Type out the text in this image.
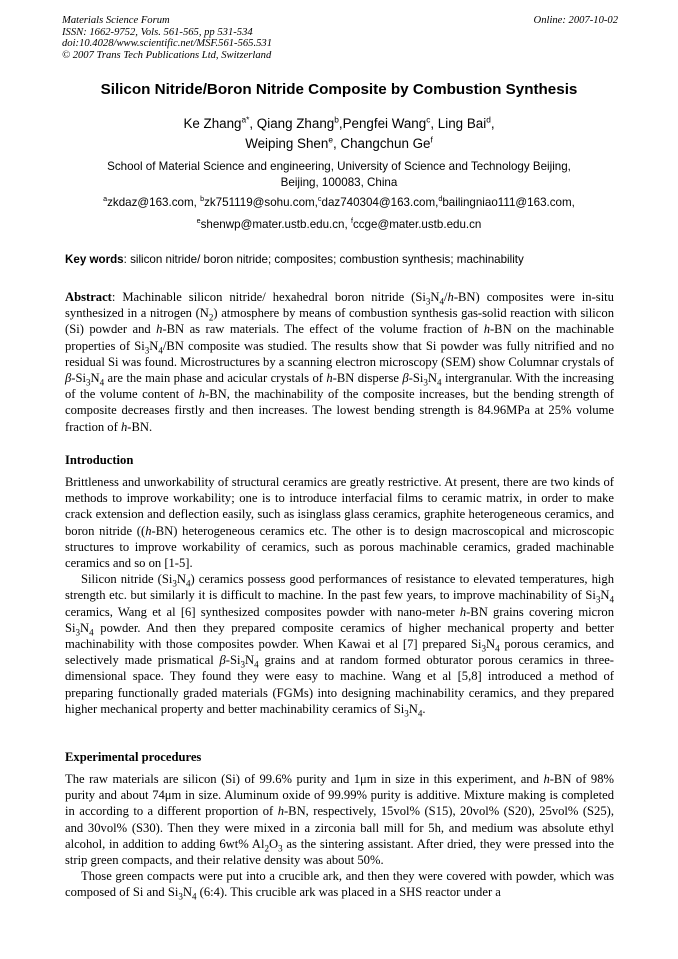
Materials Science Forum
ISSN: 1662-9752, Vols. 561-565, pp 531-534
doi:10.4028/www.scientific.net/MSF.561-565.531
© 2007 Trans Tech Publications Ltd, Switzerland
Online: 2007-10-02
Silicon Nitride/Boron Nitride Composite by Combustion Synthesis
Ke Zhang$^{a*}$, Qiang Zhang$^b$,Pengfei Wang$^c$, Ling Bai$^d$,
Weiping Shen$^e$, Changchun Ge$^f$
School of Material Science and engineering, University of Science and Technology Beijing,
Beijing, 100083, China
$^a$zkdaz@163.com, $^b$zk751119@sohu.com,$^c$daz740304@163.com,$^d$bailingniao111@163.com,
$^e$shenwp@mater.ustb.edu.cn, $^f$ccge@mater.ustb.edu.cn
Key words: silicon nitride/ boron nitride; composites; combustion synthesis; machinability

Abstract: Machinable silicon nitride/ hexahedral boron nitride $(Si_3N_4/h-BN)$ composites were in-situ synthesized in a nitrogen $(N_2)$ atmosphere by means of combustion synthesis gas-solid reaction with silicon (Si) powder and h-BN as raw materials. The effect of the volume fraction of h-BN on the machinable properties of $Si_3N_4/BN$ composite was studied. The results show that Si powder was fully nitrified and no residual Si was found. Microstructures by a scanning electron microscopy (SEM) show Columnar crystals of $\beta-Si_3N_4$ are the main phase and acicular crystals of h-BN disperse $\beta-Si_3N_4$ intergranular. With the increasing of the volume content of h-BN, the machinability of the composite increases, but the bending strength of composite decreases firstly and then increases. The lowest bending strength is 84.96MPa at 25% volume fraction of h-BN.

Introduction

Brittleness and unworkability of structural ceramics are greatly restrictive. At present, there are two kinds of methods to improve workability; one is to introduce interfacial films to ceramic matrix, in order to make crack extension and deflection easily, such as isinglass glass ceramics, graphite heterogeneous ceramics, and boron nitride ((h-BN) heterogeneous ceramics etc. The other is to design macroscopical and microscopic structures to improve workability of ceramics, such as porous machinable ceramics, graded machinable ceramics and so on [1-5].

Silicon nitride $(Si_3N_4)$ ceramics possess good performances of resistance to elevated temperatures, high strength etc. but similarly it is difficult to machine. In the past few years, to improve machinability of $Si_3N_4$ ceramics, Wang et al [6] synthesized composites powder with nano-meter h-BN grains covering micron $Si_3N_4$ powder. And then they prepared composite ceramics of higher mechanical property and better machinability with those composites powder. When Kawai et al [7] prepared $Si_3N_4$ porous ceramics, and selectively made prismatical $\beta-Si_3N_4$ grains and at random formed obturator porous ceramics in three-dimensional space. They found they were easy to machine. Wang et al [5,8] introduced a method of preparing functionally graded materials (FGMs) into designing machinability ceramics, and they prepared higher mechanical property and better machinability ceramics of $Si_3N_4$.

Experimental procedures

The raw materials are silicon (Si) of 99.6% purity and 1μm in size in this experiment, and h-BN of 98% purity and about 74μm in size. Aluminum oxide of 99.99% purity is additive. Mixture making is completed in according to a different proportion of h-BN, respectively, 15vol% (S15), 20vol% (S20), 25vol% (S25), and 30vol% (S30). Then they were mixed in a zirconia ball mill for 5h, and medium was absolute ethyl alcohol, in addition to adding 6wt% $Al_2O_3$ as the sintering assistant. After dried, they were pressed into the strip green compacts, and their relative density was about 50%.

Those green compacts were put into a crucible ark, and then they were covered with powder, which was composed of Si and $Si_3N_4$ (6:4). This crucible ark was placed in a SHS reactor under a
